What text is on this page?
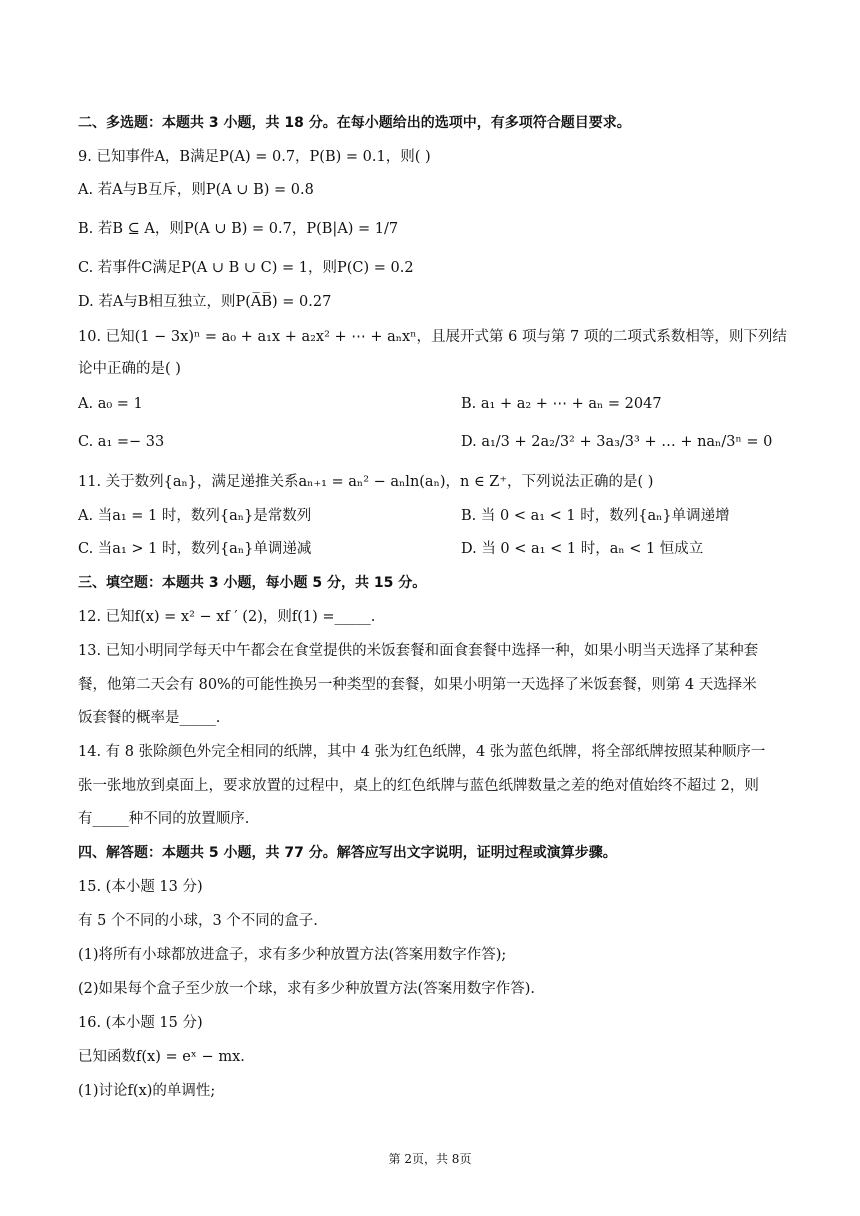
二、多选题：本题共 3 小题，共 18 分。在每小题给出的选项中，有多项符合题目要求。
9. 已知事件A，B满足P(A) = 0.7，P(B) = 0.1，则( )
A. 若A与B互斥，则P(A ∪ B) = 0.8
B. 若B ⊆ A，则P(A ∪ B) = 0.7，P(B|A) = 1/7
C. 若事件C满足P(A ∪ B ∪ C) = 1，则P(C) = 0.2
D. 若A与B相互独立，则P(A̅B̅) = 0.27
10. 已知(1 − 3x)ⁿ = a₀ + a₁x + a₂x² + ⋯ + aₙxⁿ，且展开式第 6 项与第 7 项的二项式系数相等，则下列结
论中正确的是( )
A. a₀ = 1	B. a₁ + a₂ + ⋯ + aₙ = 2047
C. a₁ =− 33	D. a₁/3 + 2a₂/3² + 3a₃/3³ + … + naₙ/3ⁿ = 0
11. 关于数列{aₙ}，满足递推关系aₙ₊₁ = aₙ² − aₙln(aₙ)，n ∈ Z⁺，下列说法正确的是( )
A. 当a₁ = 1 时，数列{aₙ}是常数列	B. 当 0 < a₁ < 1 时，数列{aₙ}单调递增
C. 当a₁ > 1 时，数列{aₙ}单调递减	D. 当 0 < a₁ < 1 时，aₙ < 1 恒成立
三、填空题：本题共 3 小题，每小题 5 分，共 15 分。
12. 已知f(x) = x² − xf ′ (2)，则f(1) =_____.
13. 已知小明同学每天中午都会在食堂提供的米饭套餐和面食套餐中选择一种，如果小明当天选择了某种套
餐，他第二天会有 80%的可能性换另一种类型的套餐，如果小明第一天选择了米饭套餐，则第 4 天选择米
饭套餐的概率是_____.
14. 有 8 张除颜色外完全相同的纸牌，其中 4 张为红色纸牌，4 张为蓝色纸牌，将全部纸牌按照某种顺序一
张一张地放到桌面上，要求放置的过程中，桌上的红色纸牌与蓝色纸牌数量之差的绝对值始终不超过 2，则
有_____种不同的放置顺序.
四、解答题：本题共 5 小题，共 77 分。解答应写出文字说明，证明过程或演算步骤。
15. (本小题 13 分)
有 5 个不同的小球，3 个不同的盒子.
(1)将所有小球都放进盒子，求有多少种放置方法(答案用数字作答);
(2)如果每个盒子至少放一个球，求有多少种放置方法(答案用数字作答).
16. (本小题 15 分)
已知函数f(x) = eˣ − mx.
(1)讨论f(x)的单调性;
第 2页，共 8页
